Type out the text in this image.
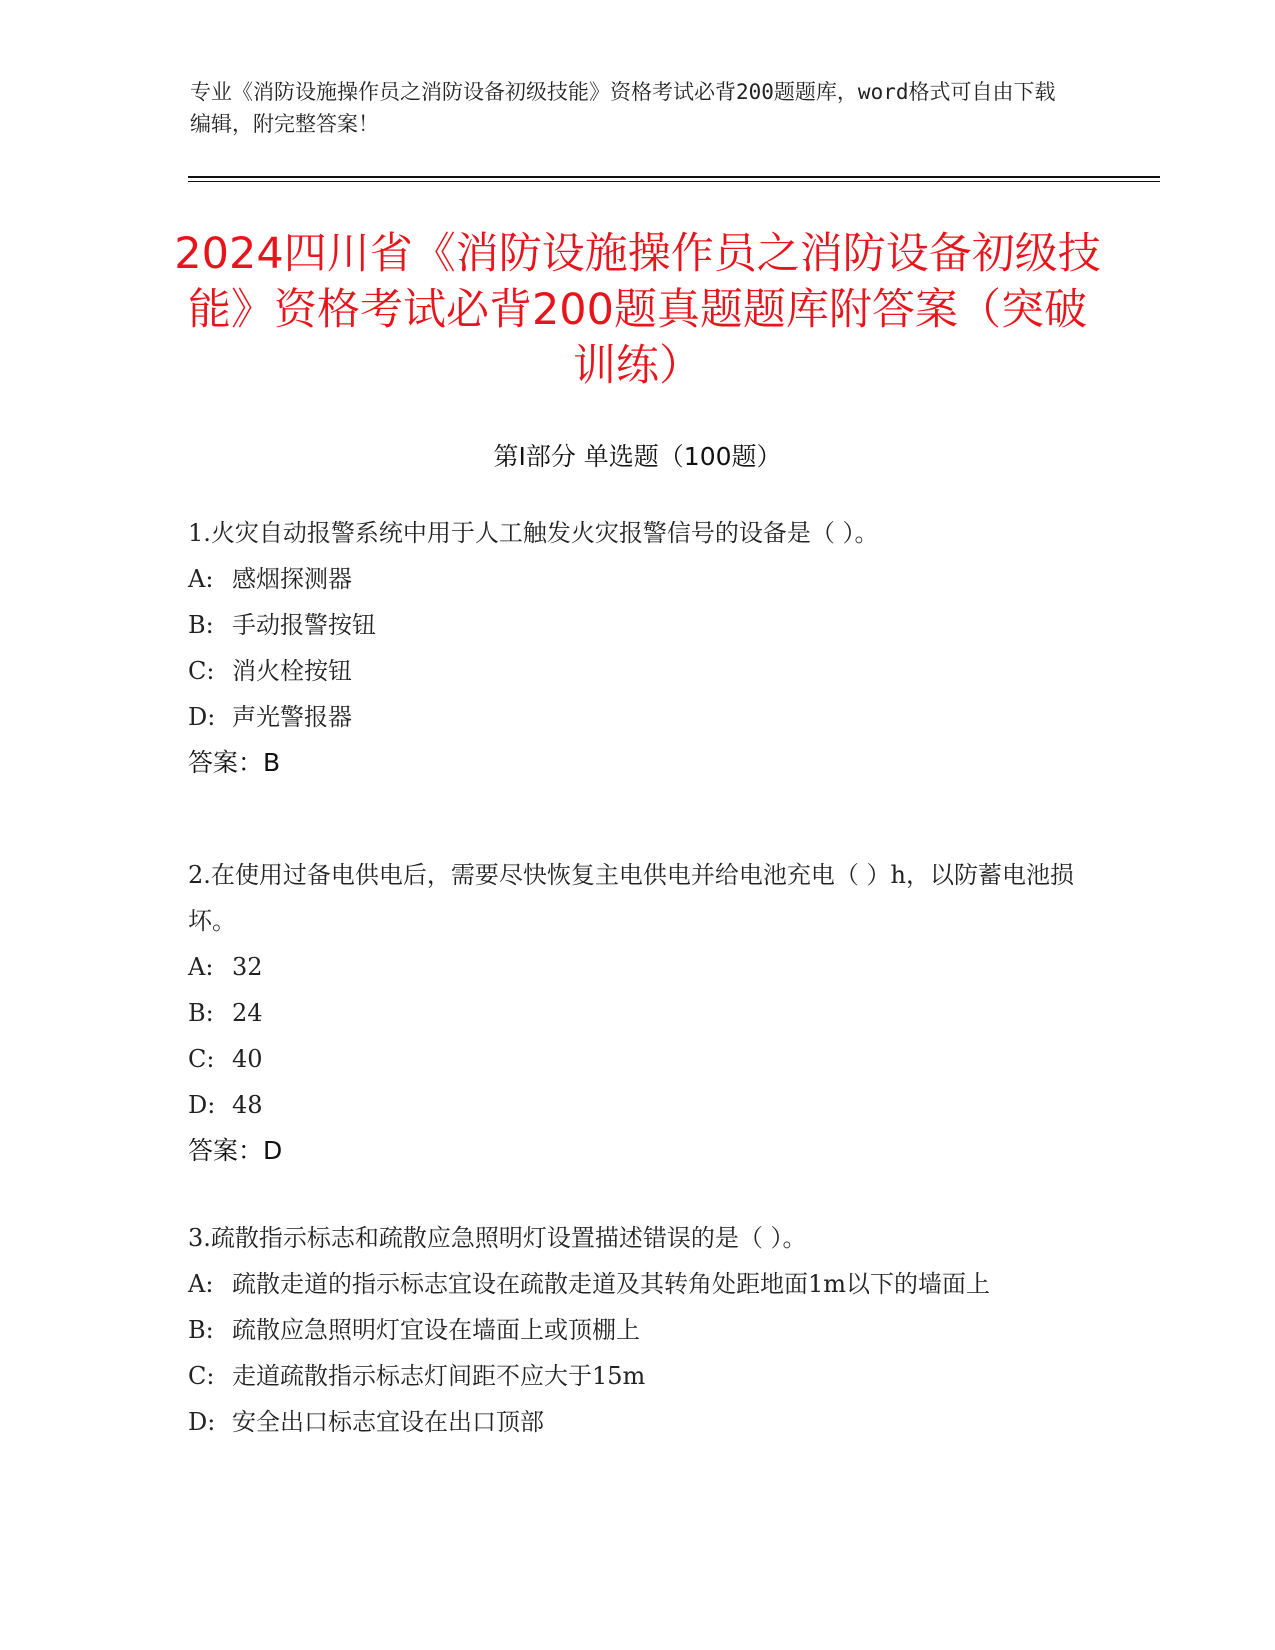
专业《消防设施操作员之消防设备初级技能》资格考试必背200题题库，word格式可自由下载编辑，附完整答案！
2024四川省《消防设施操作员之消防设备初级技能》资格考试必背200题真题题库附答案（突破训练）
第I部分 单选题（100题）

1.火灾自动报警系统中用于人工触发火灾报警信号的设备是（ ）。

A: 感烟探测器

B: 手动报警按钮

C: 消火栓按钮

D: 声光警报器

答案：B

2.在使用过备电供电后，需要尽快恢复主电供电并给电池充电（ ）h，以防蓄电池损坏。

A: 32

B: 24

C: 40

D: 48

答案：D

3.疏散指示标志和疏散应急照明灯设置描述错误的是（ ）。

A: 疏散走道的指示标志宜设在疏散走道及其转角处距地面1m以下的墙面上

B: 疏散应急照明灯宜设在墙面上或顶棚上

C: 走道疏散指示标志灯间距不应大于15m

D: 安全出口标志宜设在出口顶部
